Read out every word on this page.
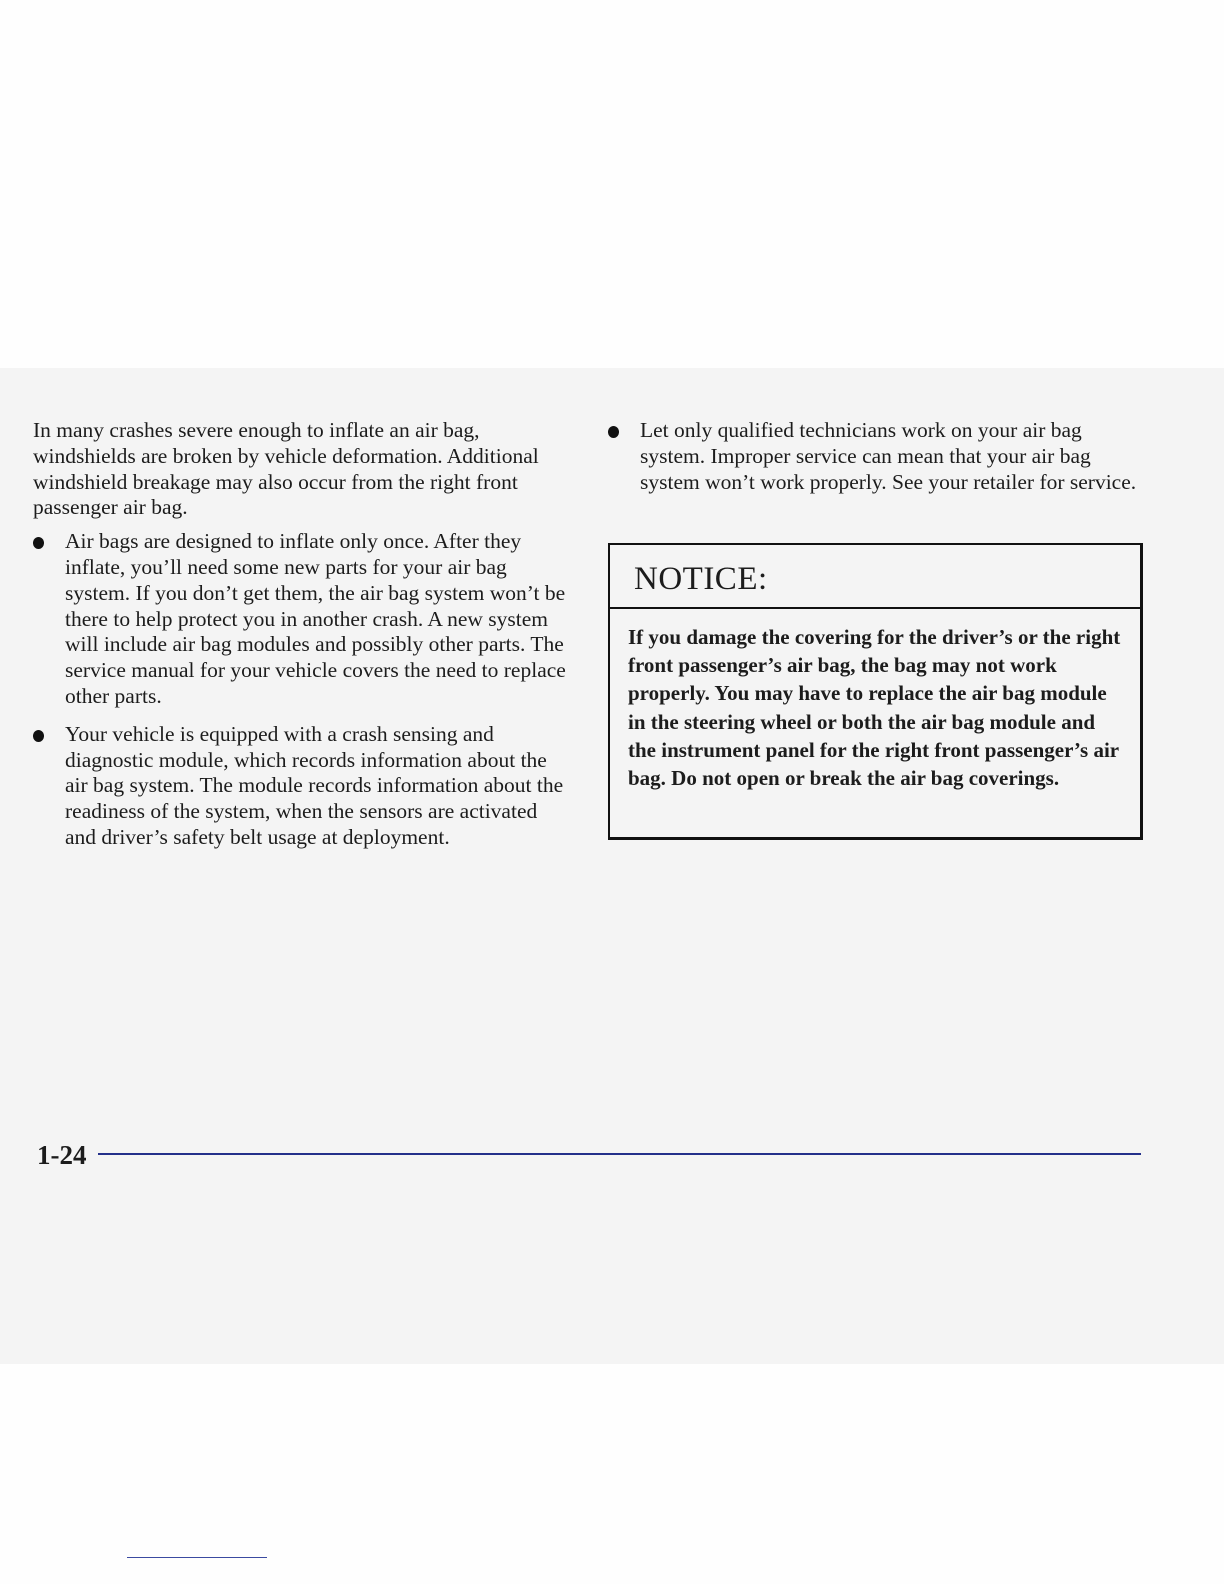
In many crashes severe enough to inflate an air bag, windshields are broken by vehicle deformation. Additional windshield breakage may also occur from the right front passenger air bag.

Air bags are designed to inflate only once. After they inflate, you’ll need some new parts for your air bag system. If you don’t get them, the air bag system won’t be there to help protect you in another crash. A new system will include air bag modules and possibly other parts. The service manual for your vehicle covers the need to replace other parts.
Your vehicle is equipped with a crash sensing and diagnostic module, which records information about the air bag system. The module records information about the readiness of the system, when the sensors are activated and driver’s safety belt usage at deployment.
Let only qualified technicians work on your air bag system. Improper service can mean that your air bag system won’t work properly. See your retailer for service.
NOTICE:
If you damage the covering for the driver’s or the right front passenger’s air bag, the bag may not work properly. You may have to replace the air bag module in the steering wheel or both the air bag module and the instrument panel for the right front passenger’s air bag. Do not open or break the air bag coverings.
1-24
